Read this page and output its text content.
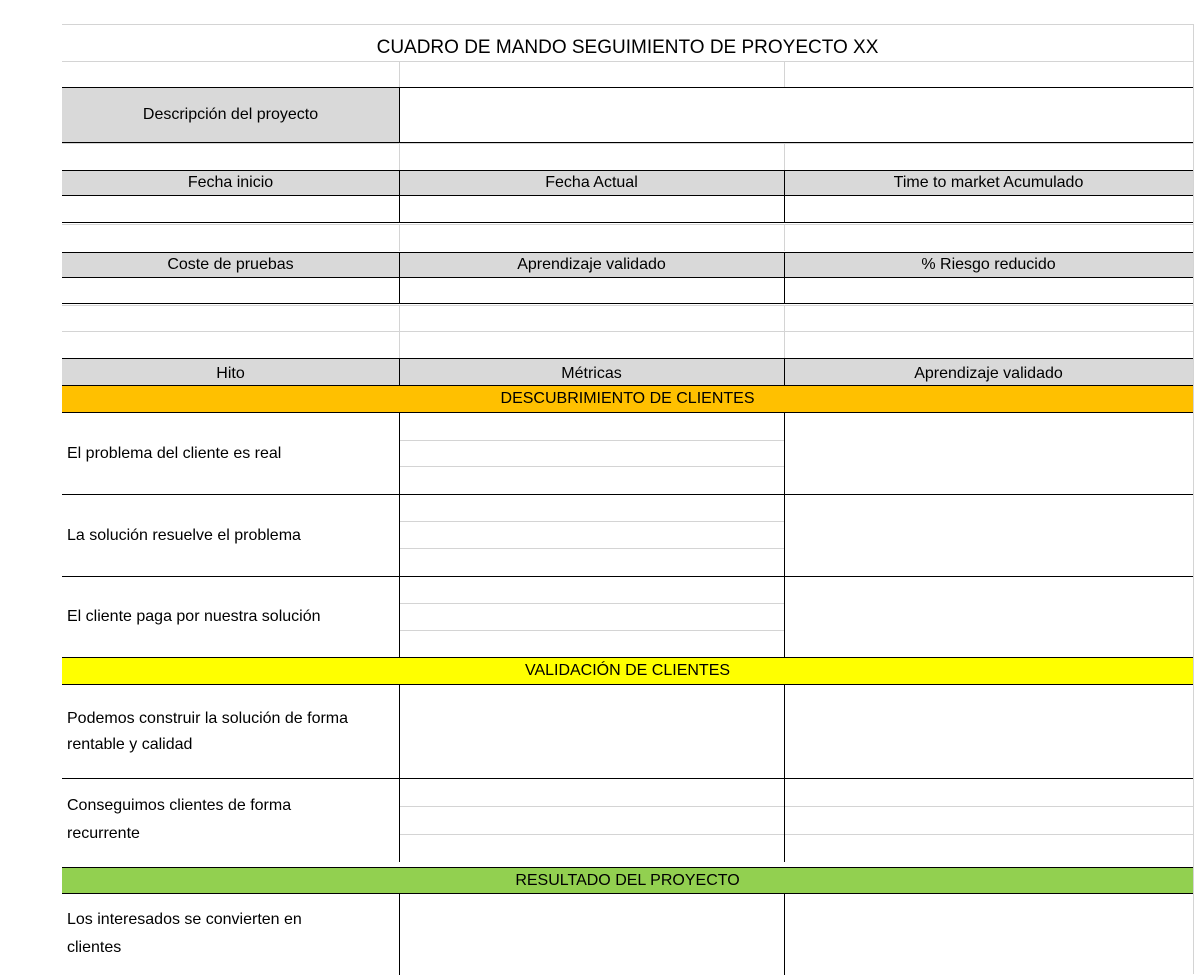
CUADRO DE MANDO SEGUIMIENTO DE PROYECTO XX
Descripción del proyecto
Fecha inicio	Fecha Actual	Time to market Acumulado
Coste de pruebas	Aprendizaje validado	% Riesgo reducido
Hito	Métricas	Aprendizaje validado
DESCUBRIMIENTO DE CLIENTES
El problema del cliente es real
La solución resuelve el problema
El cliente paga por nuestra solución
VALIDACIÓN DE CLIENTES
Podemos construir la solución de forma
rentable y calidad
Conseguimos clientes de forma
recurrente
RESULTADO DEL PROYECTO
Los interesados se convierten en
clientes
